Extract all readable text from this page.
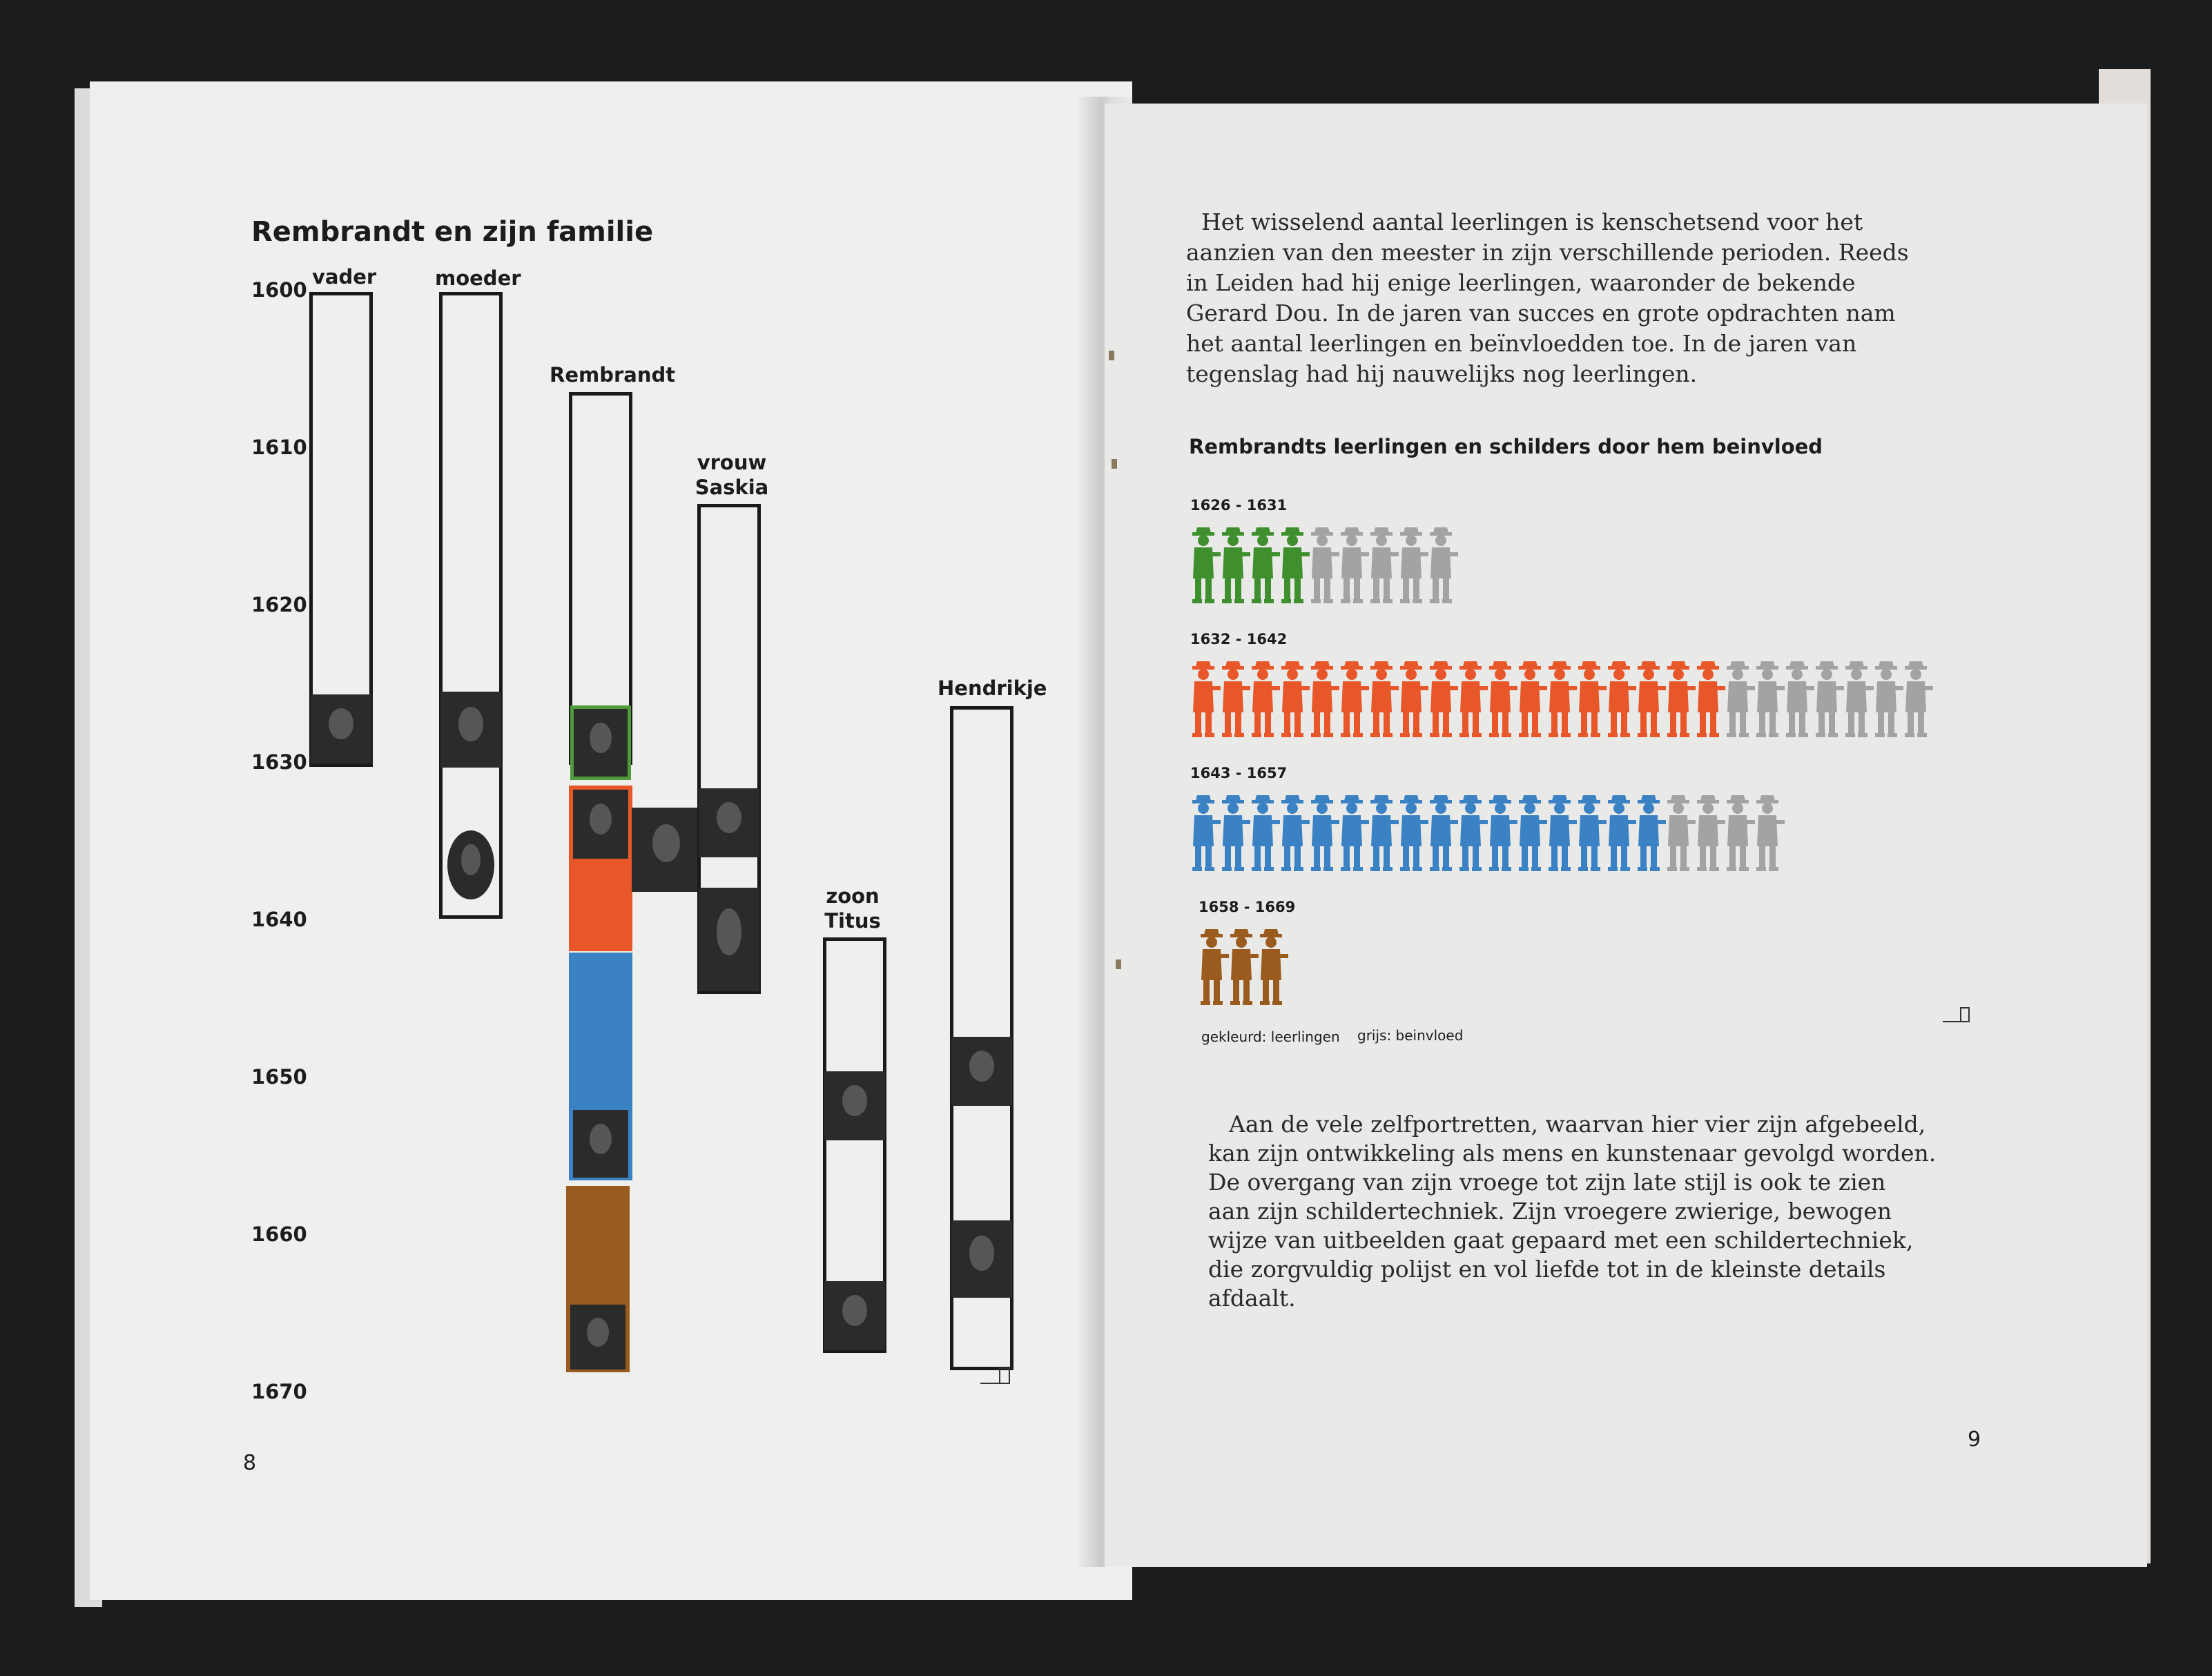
Rembrandt en zijn familie
1600
1610
1620
1630
1640
1650
1660
1670
vader	moeder
Rembrandt
vrouw
Saskia
zoon
Titus
Hendrikje
8
Het wisselend aantal leerlingen is kenschetsend voor het
aanzien van den meester in zijn verschillende perioden. Reeds
in Leiden had hij enige leerlingen, waaronder de bekende
Gerard Dou. In de jaren van succes en grote opdrachten nam
het aantal leerlingen en beïnvloedden toe. In de jaren van
tegenslag had hij nauwelijks nog leerlingen.
Rembrandts leerlingen en schilders door hem beinvloed
1626 - 1631
1632 - 1642
1643 - 1657
1658 - 1669
gekleurd: leerlingen grijs: beinvloed
Aan de vele zelfportretten, waarvan hier vier zijn afgebeeld,
kan zijn ontwikkeling als mens en kunstenaar gevolgd worden.
De overgang van zijn vroege tot zijn late stijl is ook te zien
aan zijn schildertechniek. Zijn vroegere zwierige, bewogen
wijze van uitbeelden gaat gepaard met een schildertechniek,
die zorgvuldig polijst en vol liefde tot in de kleinste details
afdaalt.
9
